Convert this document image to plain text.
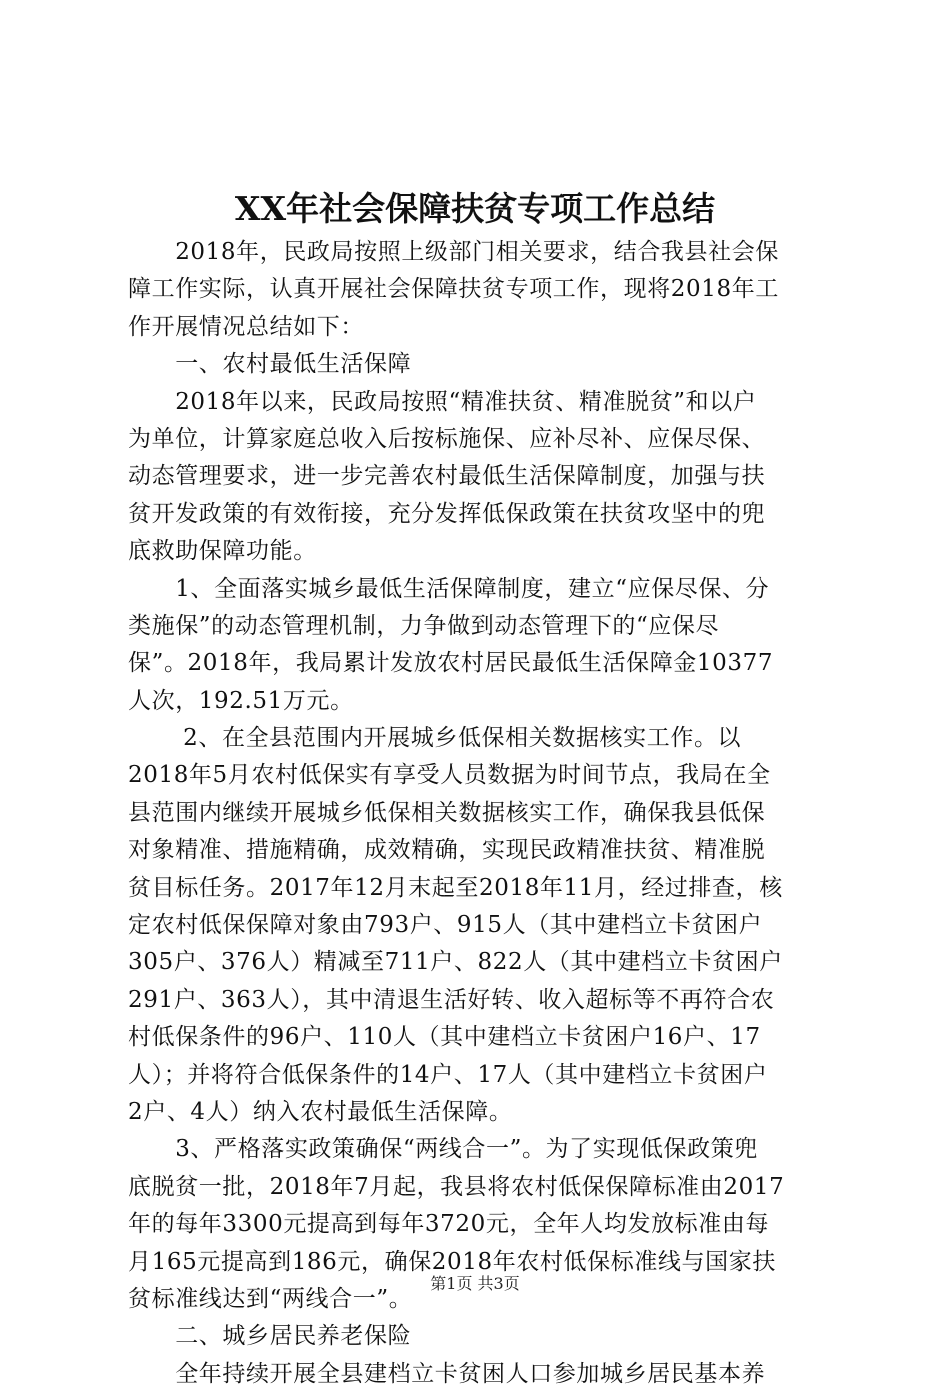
XX年社会保障扶贫专项工作总结
　　2018年，民政局按照上级部门相关要求，结合我县社会保
障工作实际，认真开展社会保障扶贫专项工作，现将2018年工
作开展情况总结如下：
　　一、农村最低生活保障
　　2018年以来，民政局按照“精准扶贫、精准脱贫”和以户
为单位，计算家庭总收入后按标施保、应补尽补、应保尽保、
动态管理要求，进一步完善农村最低生活保障制度，加强与扶
贫开发政策的有效衔接，充分发挥低保政策在扶贫攻坚中的兜
底救助保障功能。
　　1、全面落实城乡最低生活保障制度，建立“应保尽保、分
类施保”的动态管理机制，力争做到动态管理下的“应保尽
保”。2018年，我局累计发放农村居民最低生活保障金10377
人次，192.51万元。
　　 2、在全县范围内开展城乡低保相关数据核实工作。以
2018年5月农村低保实有享受人员数据为时间节点，我局在全
县范围内继续开展城乡低保相关数据核实工作，确保我县低保
对象精准、措施精确，成效精确，实现民政精准扶贫、精准脱
贫目标任务。2017年12月末起至2018年11月，经过排查，核
定农村低保保障对象由793户、915人（其中建档立卡贫困户
305户、376人）精减至711户、822人（其中建档立卡贫困户
291户、363人），其中清退生活好转、收入超标等不再符合农
村低保条件的96户、110人（其中建档立卡贫困户16户、17
人）；并将符合低保条件的14户、17人（其中建档立卡贫困户
2户、4人）纳入农村最低生活保障。
　　3、严格落实政策确保“两线合一”。为了实现低保政策兜
底脱贫一批，2018年7月起，我县将农村低保保障标准由2017
年的每年3300元提高到每年3720元，全年人均发放标准由每
月165元提高到186元，确保2018年农村低保标准线与国家扶
贫标准线达到“两线合一”。
　　二、城乡居民养老保险
　　全年持续开展全县建档立卡贫困人口参加城乡居民基本养
第1页 共3页
